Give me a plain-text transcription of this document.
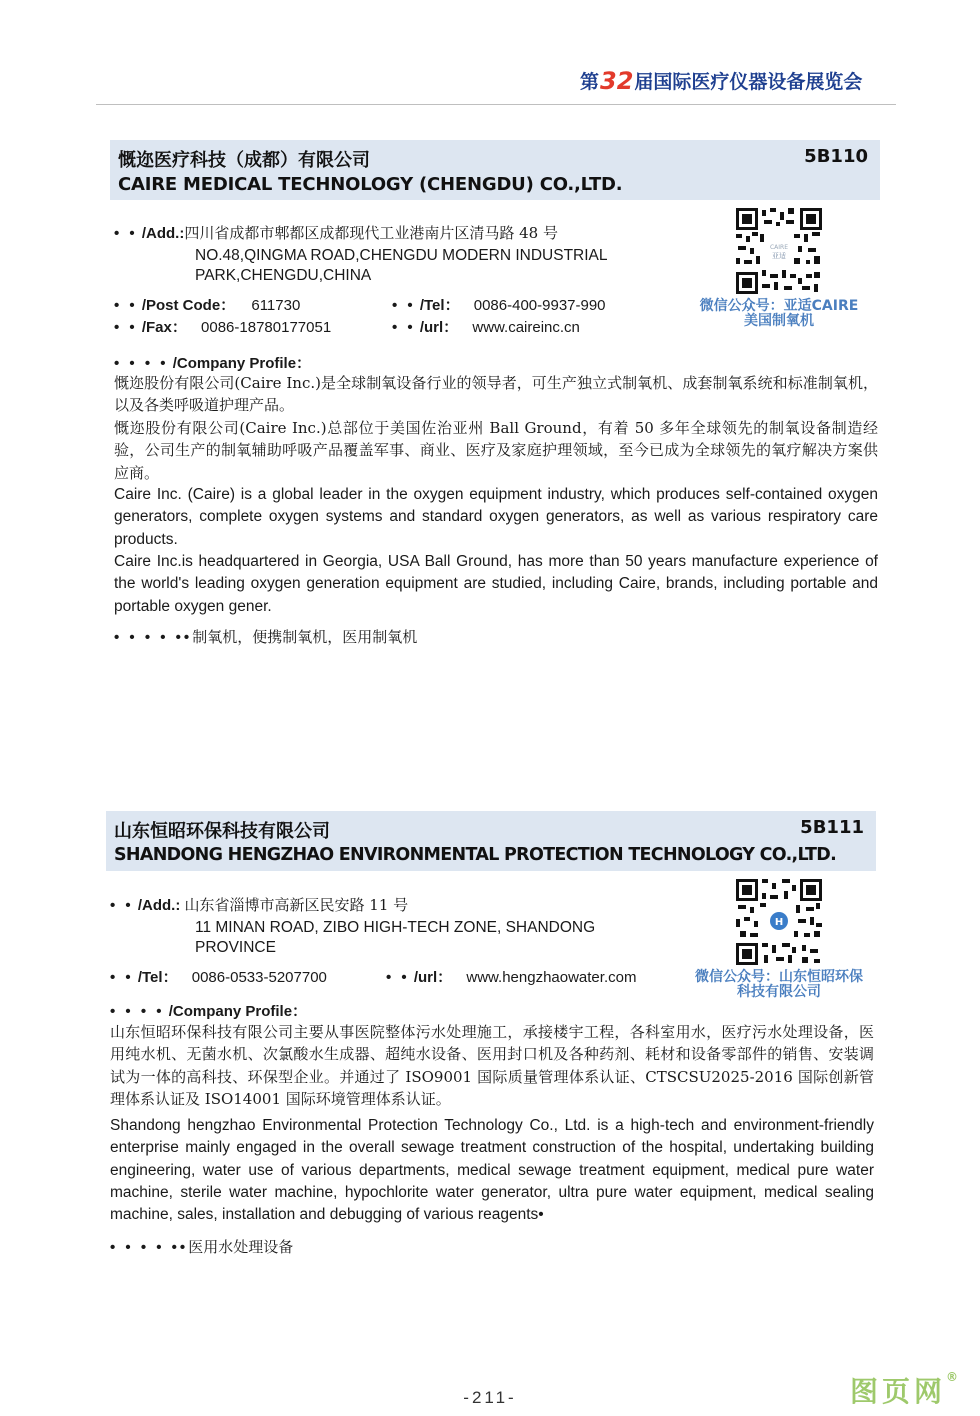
第32届国际医疗仪器设备展览会
慨迩医疗科技（成都）有限公司
CAIRE MEDICAL TECHNOLOGY (CHENGDU) CO.,LTD.
5B110
• • /Add.:四川省成都市郫都区成都现代工业港南片区清马路 48 号
NO.48,QINGMA ROAD,CHENGDU MODERN INDUSTRIAL
PARK,CHENGDU,CHINA
• • /Post Code： 611730	• • /Tel： 0086-400-9937-990
• • /Fax： 0086-18780177051	• • /url： www.caireinc.cn
CAIRE
亚适
微信公众号：亚适CAIRE
美国制氧机
• • • • /Company Profile：

慨迩股份有限公司(Caire Inc.)是全球制氧设备行业的领导者，可生产独立式制氧机、成套制氧系统和标准制氧机，以及各类呼吸道护理产品。

慨迩股份有限公司(Caire Inc.)总部位于美国佐治亚州 Ball Ground，有着 50 多年全球领先的制氧设备制造经验，公司生产的制氧辅助呼吸产品覆盖军事、商业、医疗及家庭护理领域，至今已成为全球领先的氧疗解决方案供应商。

Caire Inc. (Caire) is a global leader in the oxygen equipment industry, which produces self-contained oxygen generators, complete oxygen systems and standard oxygen generators, as well as various respiratory care products.

Caire Inc.is headquartered in Georgia, USA Ball Ground, has more than 50 years manufacture experience of the world's leading oxygen generation equipment are studied, including Caire, brands, including portable and portable oxygen gener.

• • • • ••制氧机，便携制氧机，医用制氧机
山东恒昭环保科技有限公司
SHANDONG HENGZHAO ENVIRONMENTAL PROTECTION TECHNOLOGY CO.,LTD.
5B111
• • /Add.: 山东省淄博市高新区民安路 11 号
11 MINAN ROAD, ZIBO HIGH-TECH ZONE, SHANDONG
PROVINCE
• • /Tel： 0086-0533-5207700	• • /url： www.hengzhaowater.com
H
微信公众号：山东恒昭环保
科技有限公司
• • • • /Company Profile：

山东恒昭环保科技有限公司主要从事医院整体污水处理施工，承接楼宇工程，各科室用水，医疗污水处理设备，医用纯水机、无菌水机、次氯酸水生成器、超纯水设备、医用封口机及各种药剂、耗材和设备零部件的销售、安装调试为一体的高科技、环保型企业。并通过了 ISO9001 国际质量管理体系认证、CTSCSU2025-2016 国际创新管理体系认证及 ISO14001 国际环境管理体系认证。

Shandong hengzhao Environmental Protection Technology Co., Ltd. is a high-tech and environment-friendly enterprise mainly engaged in the overall sewage treatment construction of the hospital, undertaking building engineering, water use of various departments, medical sewage treatment equipment, medical pure water machine, sterile water machine, hypochlorite water generator, ultra pure water equipment, medical sealing machine, sales, installation and debugging of various reagents•

• • • • ••医用水处理设备
-211-	图页网®
